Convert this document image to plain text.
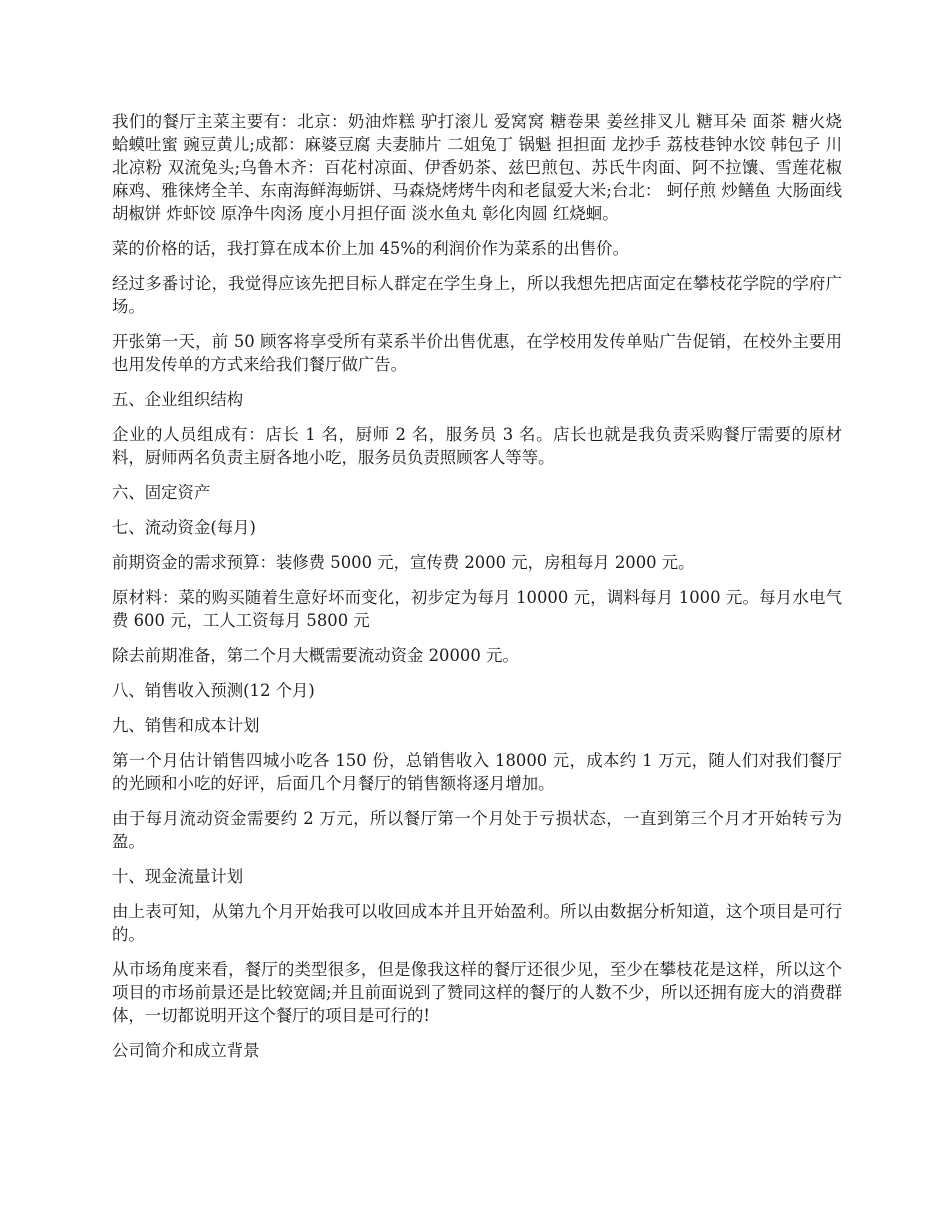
我们的餐厅主菜主要有：北京：奶油炸糕 驴打滚儿 爱窝窝 糖卷果 姜丝排叉儿 糖耳朵 面茶 糖火烧 蛤蟆吐蜜 豌豆黄儿;成都：麻婆豆腐 夫妻肺片 二姐兔丁 锅魁 担担面 龙抄手 荔枝巷钟水饺 韩包子 川北凉粉 双流兔头;乌鲁木齐：百花村凉面、伊香奶茶、兹巴煎包、苏氏牛肉面、阿不拉馕、雪莲花椒麻鸡、雅徕烤全羊、东南海鲜海蛎饼、马森烧烤烤牛肉和老鼠爱大米;台北： 蚵仔煎 炒鳝鱼 大肠面线 胡椒饼 炸虾饺 原净牛肉汤 度小月担仔面 淡水鱼丸 彰化肉圆 红烧蛔。

菜的价格的话，我打算在成本价上加 45%的利润价作为菜系的出售价。

经过多番讨论，我觉得应该先把目标人群定在学生身上，所以我想先把店面定在攀枝花学院的学府广场。

开张第一天，前 50 顾客将享受所有菜系半价出售优惠，在学校用发传单贴广告促销，在校外主要用也用发传单的方式来给我们餐厅做广告。

五、企业组织结构

企业的人员组成有：店长 1 名，厨师 2 名，服务员 3 名。店长也就是我负责采购餐厅需要的原材料，厨师两名负责主厨各地小吃，服务员负责照顾客人等等。

六、固定资产

七、流动资金(每月)

前期资金的需求预算：装修费 5000 元，宣传费 2000 元，房租每月 2000 元。

原材料：菜的购买随着生意好坏而变化，初步定为每月 10000 元，调料每月 1000 元。每月水电气费 600 元，工人工资每月 5800 元

除去前期准备，第二个月大概需要流动资金 20000 元。

八、销售收入预测(12 个月)

九、销售和成本计划

第一个月估计销售四城小吃各 150 份，总销售收入 18000 元，成本约 1 万元，随人们对我们餐厅的光顾和小吃的好评，后面几个月餐厅的销售额将逐月增加。

由于每月流动资金需要约 2 万元，所以餐厅第一个月处于亏损状态，一直到第三个月才开始转亏为盈。

十、现金流量计划

由上表可知，从第九个月开始我可以收回成本并且开始盈利。所以由数据分析知道，这个项目是可行的。

从市场角度来看，餐厅的类型很多，但是像我这样的餐厅还很少见，至少在攀枝花是这样，所以这个项目的市场前景还是比较宽阔;并且前面说到了赞同这样的餐厅的人数不少，所以还拥有庞大的消费群体，一切都说明开这个餐厅的项目是可行的!

公司简介和成立背景
